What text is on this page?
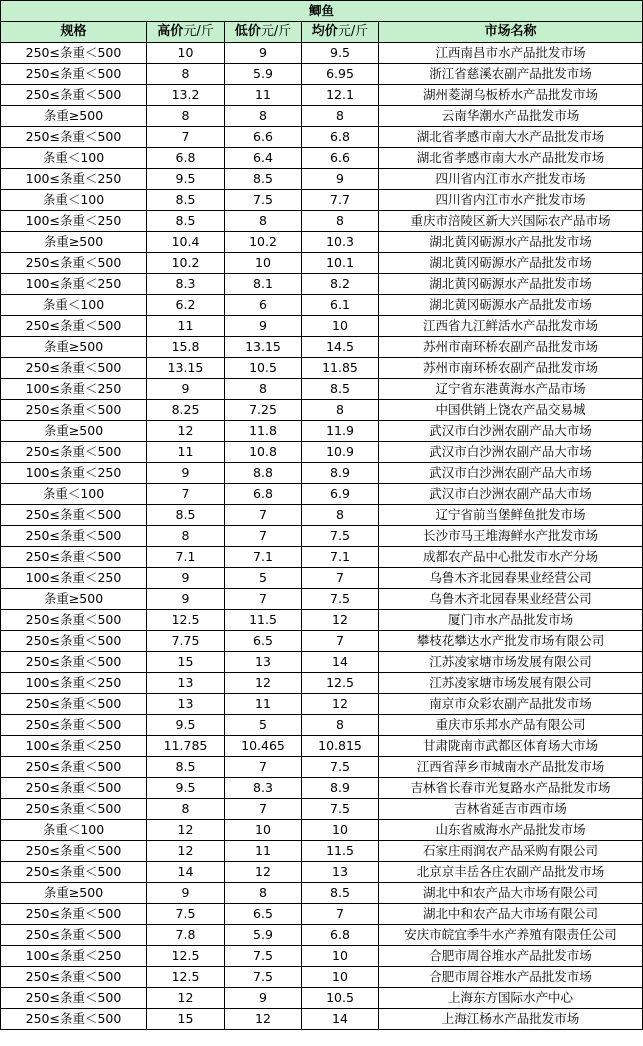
鲫鱼				
规格	高价元/斤	低价元/斤	均价元/斤	市场名称
250≤条重＜500	10	9	9.5	江西南昌市水产品批发市场
250≤条重＜500	8	5.9	6.95	浙江省慈溪农副产品批发市场
250≤条重＜500	13.2	11	12.1	湖州菱湖乌板桥水产品批发市场
条重≥500	8	8	8	云南华潮水产品批发市场
250≤条重＜500	7	6.6	6.8	湖北省孝感市南大水产品批发市场
条重＜100	6.8	6.4	6.6	湖北省孝感市南大水产品批发市场
100≤条重＜250	9.5	8.5	9	四川省内江市水产批发市场
条重＜100	8.5	7.5	7.7	四川省内江市水产批发市场
100≤条重＜250	8.5	8	8	重庆市涪陵区新大兴国际农产品市场
条重≥500	10.4	10.2	10.3	湖北黄冈砺源水产品批发市场
250≤条重＜500	10.2	10	10.1	湖北黄冈砺源水产品批发市场
100≤条重＜250	8.3	8.1	8.2	湖北黄冈砺源水产品批发市场
条重＜100	6.2	6	6.1	湖北黄冈砺源水产品批发市场
250≤条重＜500	11	9	10	江西省九江鲜活水产品批发市场
条重≥500	15.8	13.15	14.5	苏州市南环桥农副产品批发市场
250≤条重＜500	13.15	10.5	11.85	苏州市南环桥农副产品批发市场
100≤条重＜250	9	8	8.5	辽宁省东港黄海水产品市场
250≤条重＜500	8.25	7.25	8	中国供销上饶农产品交易城
条重≥500	12	11.8	11.9	武汉市白沙洲农副产品大市场
250≤条重＜500	11	10.8	10.9	武汉市白沙洲农副产品大市场
100≤条重＜250	9	8.8	8.9	武汉市白沙洲农副产品大市场
条重＜100	7	6.8	6.9	武汉市白沙洲农副产品大市场
250≤条重＜500	8.5	7	8	辽宁省前当堡鲜鱼批发市场
250≤条重＜500	8	7	7.5	长沙市马王堆海鲜水产批发市场
250≤条重＜500	7.1	7.1	7.1	成都农产品中心批发市水产分场
100≤条重＜250	9	5	7	乌鲁木齐北园春果业经营公司
条重≥500	9	7	7.5	乌鲁木齐北园春果业经营公司
250≤条重＜500	12.5	11.5	12	厦门市水产品批发市场
250≤条重＜500	7.75	6.5	7	攀枝花攀达水产批发市场有限公司
250≤条重＜500	15	13	14	江苏凌家塘市场发展有限公司
100≤条重＜250	13	12	12.5	江苏凌家塘市场发展有限公司
250≤条重＜500	13	11	12	南京市众彩农副产品批发市场
250≤条重＜500	9.5	5	8	重庆市乐邦水产品有限公司
100≤条重＜250	11.785	10.465	10.815	甘肃陇南市武都区体育场大市场
250≤条重＜500	8.5	7	7.5	江西省萍乡市城南水产品批发市场
250≤条重＜500	9.5	8.3	8.9	吉林省长春市光复路水产品批发市场
250≤条重＜500	8	7	7.5	吉林省延吉市西市场
条重＜100	12	10	10	山东省威海水产品批发市场
250≤条重＜500	12	11	11.5	石家庄雨润农产品采购有限公司
250≤条重＜500	14	12	13	北京京丰岳各庄农副产品批发市场
条重≥500	9	8	8.5	湖北中和农产品大市场有限公司
250≤条重＜500	7.5	6.5	7	湖北中和农产品大市场有限公司
250≤条重＜500	7.8	5.9	6.8	安庆市皖宜季牛水产养殖有限责任公司
100≤条重＜250	12.5	7.5	10	合肥市周谷堆水产品批发市场
250≤条重＜500	12.5	7.5	10	合肥市周谷堆水产品批发市场
250≤条重＜500	12	9	10.5	上海东方国际水产中心
250≤条重＜500	15	12	14	上海江杨水产品批发市场
